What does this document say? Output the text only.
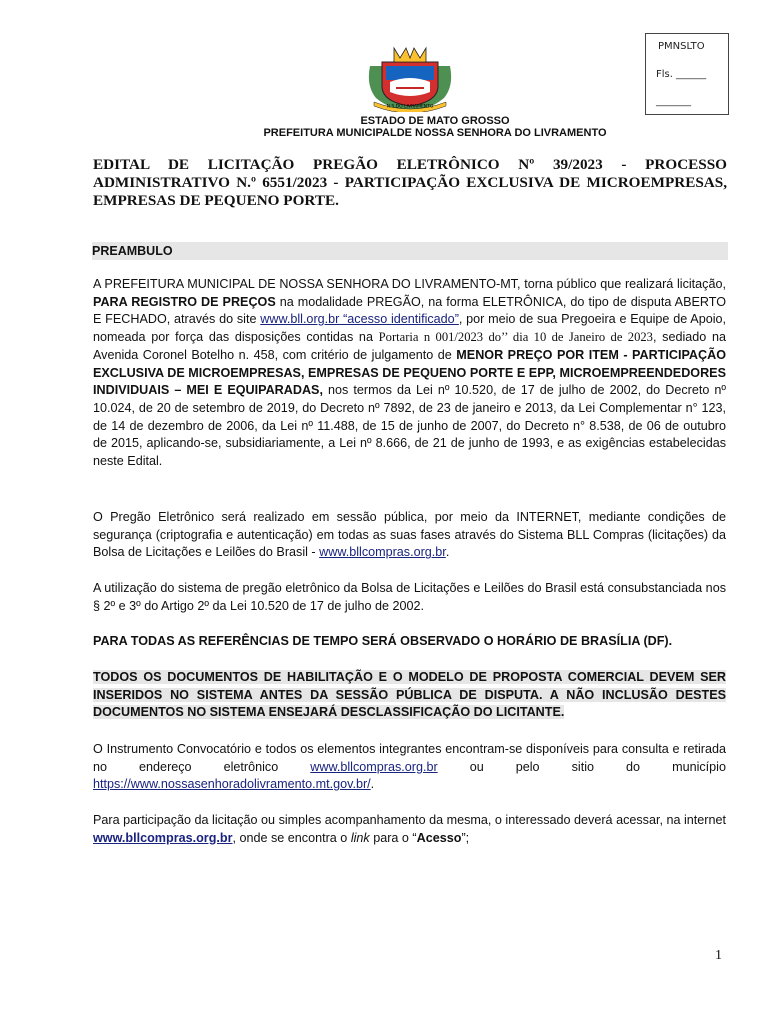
N.S.DO LIVRAMENTO
PMNSLTO
Fls. ______
_______
ESTADO DE MATO GROSSO
PREFEITURA MUNICIPALDE NOSSA SENHORA DO LIVRAMENTO
EDITAL DE LICITAÇÃO PREGÃO ELETRÔNICO Nº 39/2023 - PROCESSO ADMINISTRATIVO N.º 6551/2023 - PARTICIPAÇÃO EXCLUSIVA DE MICROEMPRESAS, EMPRESAS DE PEQUENO PORTE.
PREAMBULO
A PREFEITURA MUNICIPAL DE NOSSA SENHORA DO LIVRAMENTO-MT, torna público que realizará licitação, PARA REGISTRO DE PREÇOS na modalidade PREGÃO, na forma ELETRÔNICA, do tipo de disputa ABERTO E FECHADO, através do site www.bll.org.br “acesso identificado”, por meio de sua Pregoeira e Equipe de Apoio, nomeada por força das disposições contidas na Portaria n 001/2023 do’’ dia 10 de Janeiro de 2023, sediado na Avenida Coronel Botelho n. 458, com critério de julgamento de MENOR PREÇO POR ITEM - PARTICIPAÇÃO EXCLUSIVA DE MICROEMPRESAS, EMPRESAS DE PEQUENO PORTE E EPP, MICROEMPREENDEDORES INDIVIDUAIS – MEI E EQUIPARADAS, nos termos da Lei nº 10.520, de 17 de julho de 2002, do Decreto nº 10.024, de 20 de setembro de 2019, do Decreto nº 7892, de 23 de janeiro e 2013, da Lei Complementar n° 123, de 14 de dezembro de 2006, da Lei nº 11.488, de 15 de junho de 2007, do Decreto n° 8.538, de 06 de outubro de 2015, aplicando-se, subsidiariamente, a Lei nº 8.666, de 21 de junho de 1993, e as exigências estabelecidas neste Edital.
O Pregão Eletrônico será realizado em sessão pública, por meio da INTERNET, mediante condições de segurança (criptografia e autenticação) em todas as suas fases através do Sistema BLL Compras (licitações) da Bolsa de Licitações e Leilões do Brasil - www.bllcompras.org.br.
A utilização do sistema de pregão eletrônico da Bolsa de Licitações e Leilões do Brasil está consubstanciada nos § 2º e 3º do Artigo 2º da Lei 10.520 de 17 de julho de 2002.
PARA TODAS AS REFERÊNCIAS DE TEMPO SERÁ OBSERVADO O HORÁRIO DE BRASÍLIA (DF).
TODOS OS DOCUMENTOS DE HABILITAÇÃO E O MODELO DE PROPOSTA COMERCIAL DEVEM SER INSERIDOS NO SISTEMA ANTES DA SESSÃO PÚBLICA DE DISPUTA. A NÃO INCLUSÃO DESTES DOCUMENTOS NO SISTEMA ENSEJARÁ DESCLASSIFICAÇÃO DO LICITANTE.
O Instrumento Convocatório e todos os elementos integrantes encontram-se disponíveis para consulta e retirada no endereço eletrônico www.bllcompras.org.br ou pelo sitio do município https://www.nossasenhoradolivramento.mt.gov.br/.
Para participação da licitação ou simples acompanhamento da mesma, o interessado deverá acessar, na internet www.bllcompras.org.br, onde se encontra o link para o “Acesso”;
1
